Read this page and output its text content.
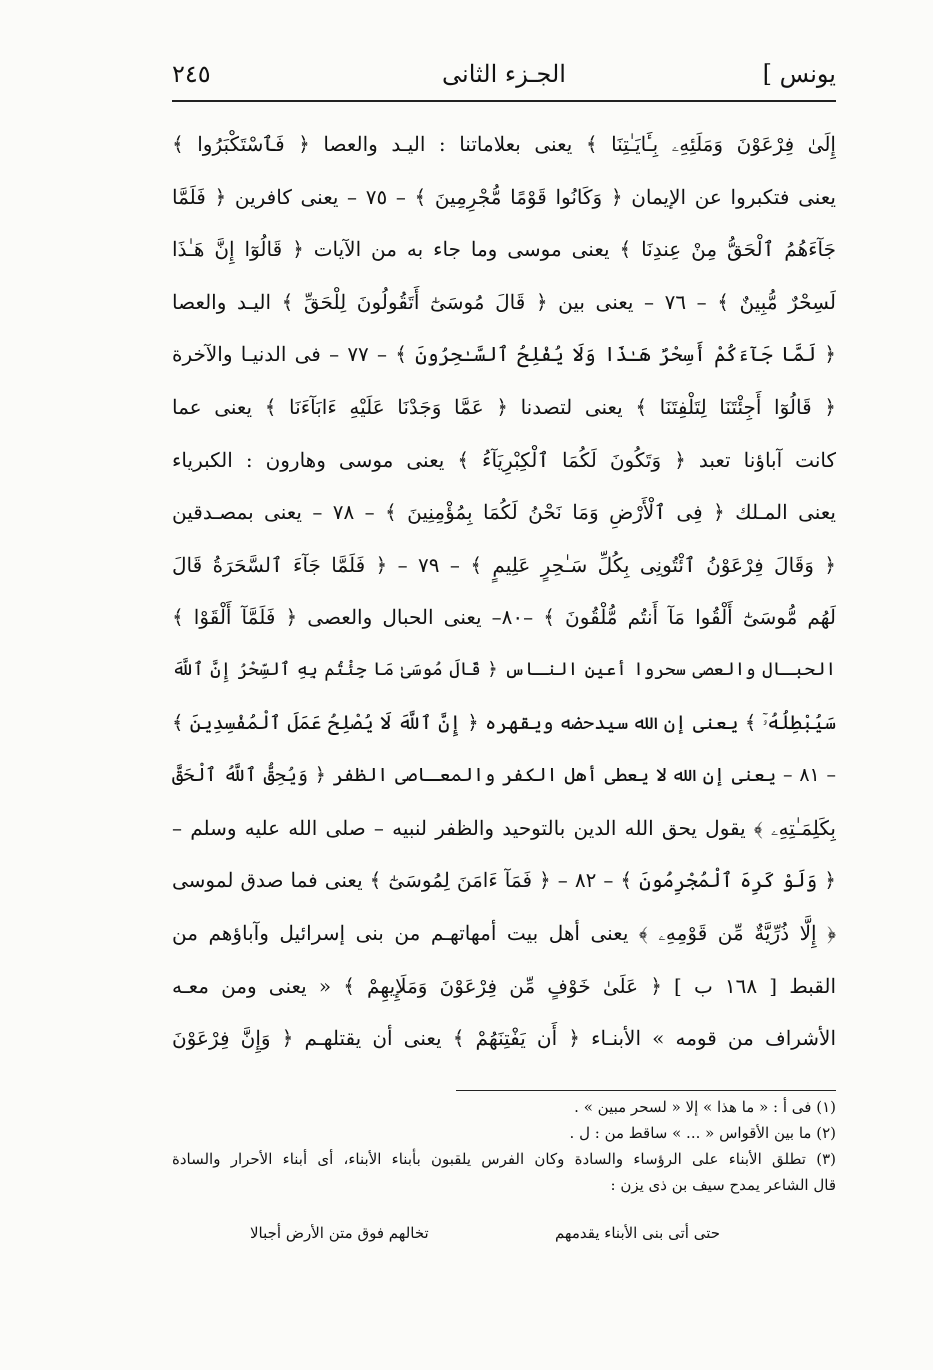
يونس ]
الجـزء الثانى
٢٤٥
إِلَىٰ فِرْعَوْنَ وَمَلَئِهِۦ بِـَٔايَـٰتِنَا ﴾ يعنى بعلاماتنا : اليـد والعصا ﴿ فَٱسْتَكْبَرُوا ﴾
يعنى فتكبروا عن الإيمان ﴿ وَكَانُوا قَوْمًا مُّجْرِمِينَ ﴾ – ٧٥ – يعنى كافرين ﴿ فَلَمَّا
جَآءَهُمُ ٱلْحَقُّ مِنْ عِندِنَا ﴾ يعنى موسى وما جاء به من الآيات ﴿ قَالُوٓا إِنَّ هَـٰذَا
لَسِحْرٌ مُّبِينٌ ﴾ – ٧٦ – يعنى بين ﴿ قَالَ مُوسَىٰٓ أَتَقُولُونَ لِلْحَقِّ ﴾ اليـد والعصا
﴿ لَمَّا جَآءَكُمْ أَسِحْرٌ هَـٰذَا وَلَا يُفْلِحُ ٱلسَّـٰحِرُونَ ﴾ – ٧٧ – فى الدنيـا والآخرة
﴿ قَالُوٓا أَجِئْتَنَا لِتَلْفِتَنَا ﴾ يعنى لتصدنا ﴿ عَمَّا وَجَدْنَا عَلَيْهِ ءَابَآءَنَا ﴾ يعنى عما
كانت آباؤنا تعبد ﴿ وَتَكُونَ لَكُمَا ٱلْكِبْرِيَآءُ ﴾ يعنى موسى وهارون : الكبرياء
يعنى المـلك ﴿ فِى ٱلْأَرْضِ وَمَا نَحْنُ لَكُمَا بِمُؤْمِنِينَ ﴾ – ٧٨ – يعنى بمصـدقين
﴿ وَقَالَ فِرْعَوْنُ ٱئْتُونِى بِكُلِّ سَـٰحِرٍ عَلِيمٍ ﴾ – ٧٩ – ﴿ فَلَمَّا جَآءَ ٱلسَّحَرَةُ قَالَ
لَهُم مُّوسَىٰٓ أَلْقُوا مَآ أَنتُم مُّلْقُونَ ﴾ –٨٠– يعنى الحبال والعصى ﴿ فَلَمَّآ أَلْقَوْا ﴾
الحبـال والعصى سحروا أعين النـاس ﴿ قَالَ مُوسَىٰ مَا جِئْتُم بِهِ ٱلسِّحْرُ إِنَّ ٱللَّهَ
سَيُبْطِلُهُۥٓ ﴾ يعنى إن الله سيدحضه ويقهره ﴿ إِنَّ ٱللَّهَ لَا يُصْلِحُ عَمَلَ ٱلْمُفْسِدِينَ ﴾
– ٨١ – يعنى إن الله لا يعطى أهل الكفر والمعـاصى الظفر ﴿ وَيُحِقُّ ٱللَّهُ ٱلْحَقَّ
بِكَلِمَـٰتِهِۦ ﴾ يقول يحق الله الدين بالتوحيد والظفر لنبيه – صلى الله عليه وسلم –
﴿ وَلَوْ كَرِهَ ٱلْمُجْرِمُونَ ﴾ – ٨٢ – ﴿ فَمَآ ءَامَنَ لِمُوسَىٰٓ ﴾ يعنى فما صدق لموسى
﴿ إِلَّا ذُرِّيَّةٌ مِّن قَوْمِهِۦ ﴾ يعنى أهل بيت أمهاتهـم من بنى إسرائيل وآباؤهم من
القبط [ ١٦٨ ب ] ﴿ عَلَىٰ خَوْفٍ مِّن فِرْعَوْنَ وَمَلَإِيهِمْ ﴾ « يعنى ومن معـه
الأشراف من قومه » الأبنـاء ﴿ أَن يَفْتِنَهُمْ ﴾ يعنى أن يقتلهـم ﴿ وَإِنَّ فِرْعَوْنَ
(١) فى أ : « ما هذا » إلا « لسحر مبين » .
(٢) ما بين الأقواس « ... » ساقط من : ل .
(٣) تطلق الأبناء على الرؤساء والسادة وكان الفرس يلقبون بأبناء الأبناء، أى أبناء الأحرار والسادة
قال الشاعر يمدح سيف بن ذى يزن :
حتى أتى بنى الأبناء يقدمهم
تخالهم فوق متن الأرض أجبالا
